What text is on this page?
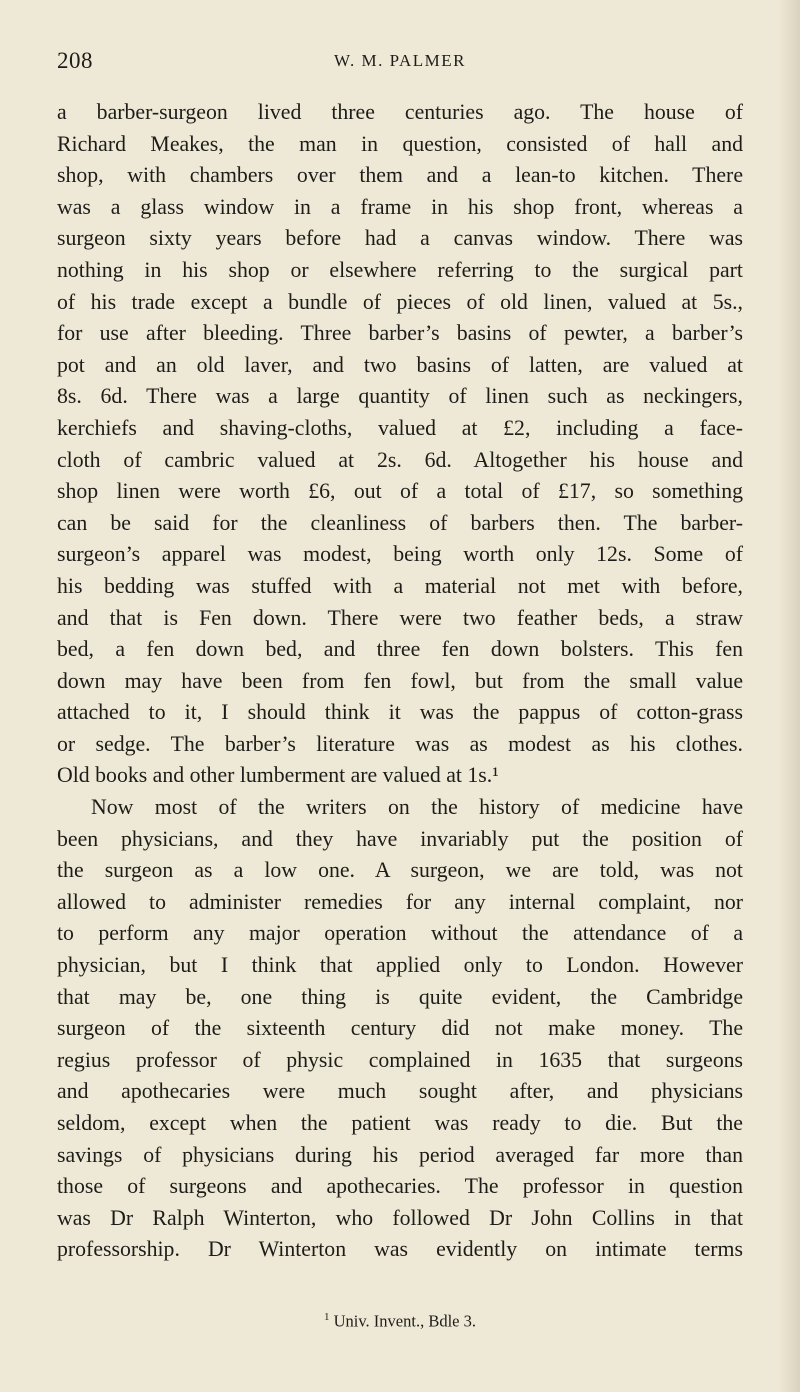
208	W. M. PALMER
a barber-surgeon lived three centuries ago. The house of
Richard Meakes, the man in question, consisted of hall and
shop, with chambers over them and a lean-to kitchen. There
was a glass window in a frame in his shop front, whereas a
surgeon sixty years before had a canvas window. There was
nothing in his shop or elsewhere referring to the surgical part
of his trade except a bundle of pieces of old linen, valued at 5s.,
for use after bleeding. Three barber’s basins of pewter, a barber’s
pot and an old laver, and two basins of latten, are valued at
8s. 6d. There was a large quantity of linen such as neckingers,
kerchiefs and shaving-cloths, valued at £2, including a face-
cloth of cambric valued at 2s. 6d. Altogether his house and
shop linen were worth £6, out of a total of £17, so something
can be said for the cleanliness of barbers then. The barber-
surgeon’s apparel was modest, being worth only 12s. Some of
his bedding was stuffed with a material not met with before,
and that is Fen down. There were two feather beds, a straw
bed, a fen down bed, and three fen down bolsters. This fen
down may have been from fen fowl, but from the small value
attached to it, I should think it was the pappus of cotton-grass
or sedge. The barber’s literature was as modest as his clothes.
Old books and other lumberment are valued at 1s.¹
Now most of the writers on the history of medicine have
been physicians, and they have invariably put the position of
the surgeon as a low one. A surgeon, we are told, was not
allowed to administer remedies for any internal complaint, nor
to perform any major operation without the attendance of a
physician, but I think that applied only to London. However
that may be, one thing is quite evident, the Cambridge
surgeon of the sixteenth century did not make money. The
regius professor of physic complained in 1635 that surgeons
and apothecaries were much sought after, and physicians
seldom, except when the patient was ready to die. But the
savings of physicians during his period averaged far more than
those of surgeons and apothecaries. The professor in question
was Dr Ralph Winterton, who followed Dr John Collins in that
professorship. Dr Winterton was evidently on intimate terms
$^1$ Univ. Invent., Bdle 3.
